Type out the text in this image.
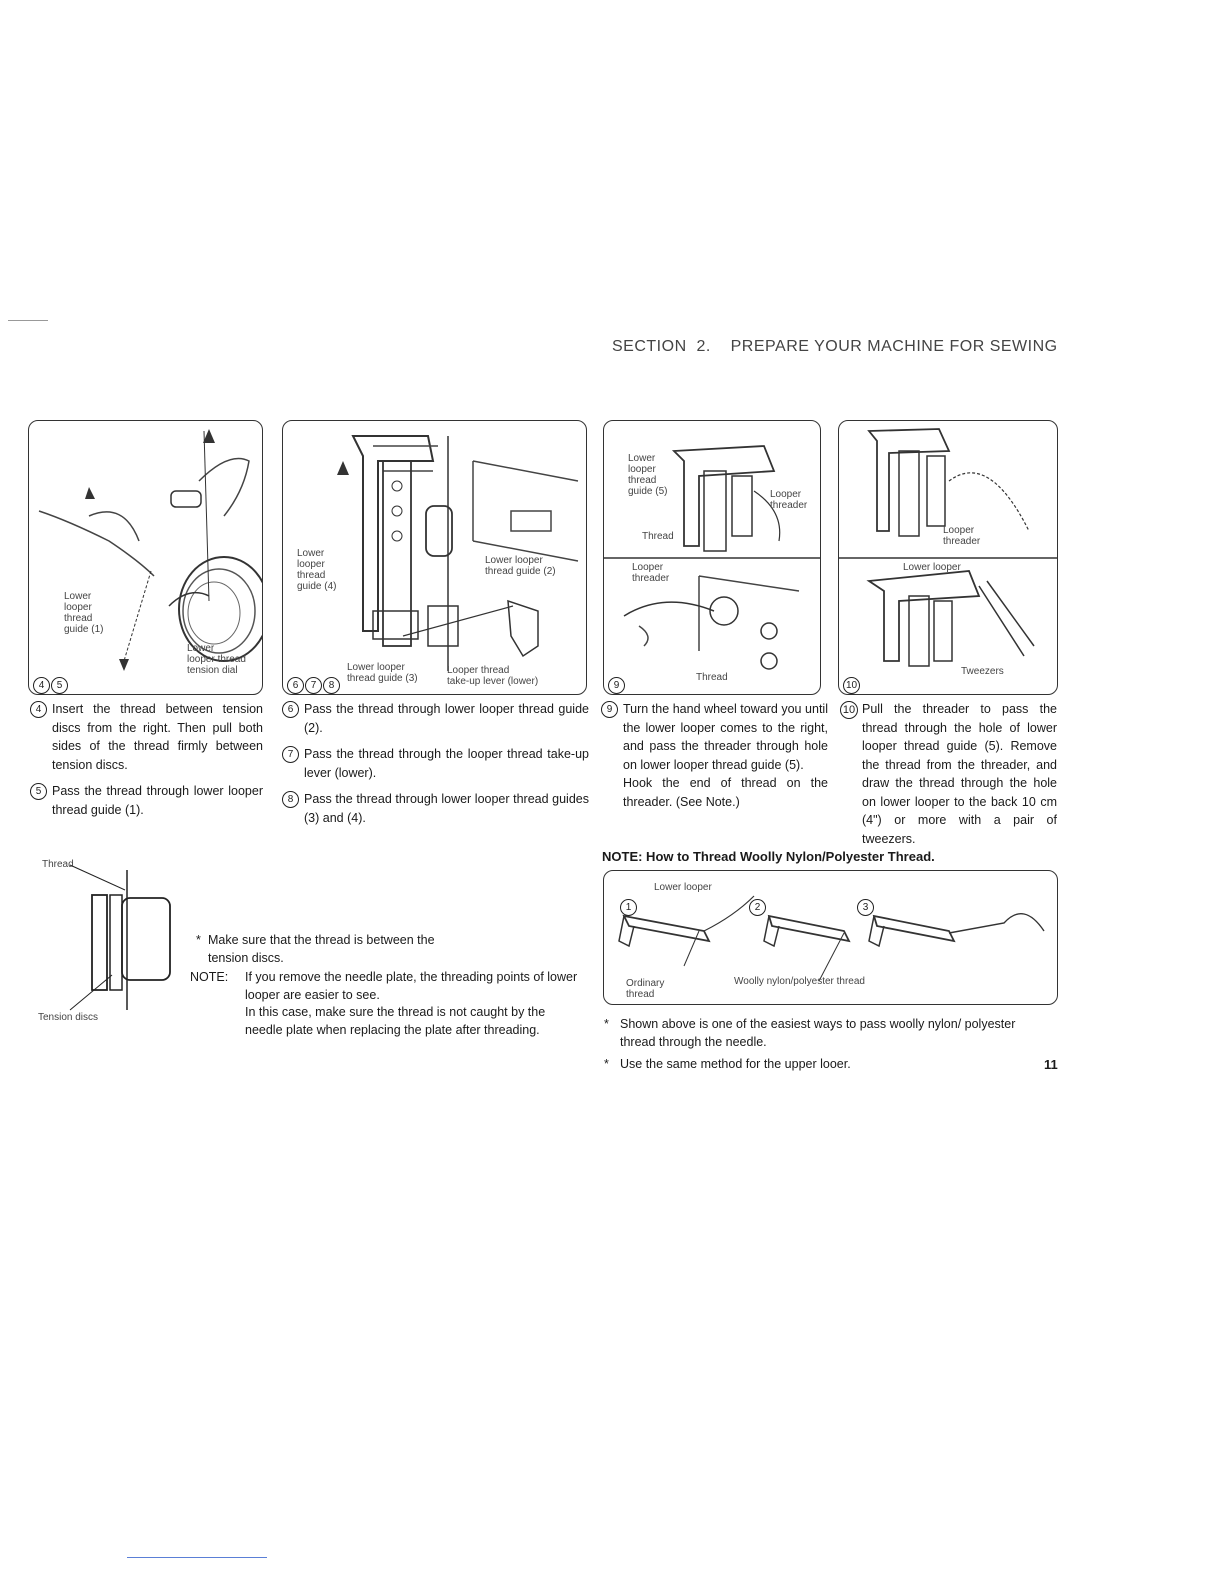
SECTION  2.    PREPARE YOUR MACHINE FOR SEWING
Lower
looper
thread
guide (1)
Lower
looper thread
tension dial
4 5
Lower
looper
thread
guide (4)
Lower looper
thread guide (2)
Lower looper
thread guide (3)
Looper thread
take-up lever (lower)
6 7 8
Lower
looper
thread
guide (5)	Looper
threader
Thread
Looper
threader
Thread
9
Looper
threader
Lower looper
Tweezers
10
4 Insert the thread between tension discs from the right. Then pull both sides of the thread firmly between tension discs.
5 Pass the thread through lower looper thread guide (1).
6 Pass the thread through lower looper thread guide (2).
7 Pass the thread through the looper thread take-up lever (lower).
8 Pass the thread through lower looper thread guides (3) and (4).
9 Turn the hand wheel toward you until the lower looper comes to the right, and pass the threader through hole on lower looper thread guide (5).
Hook the end of thread on the threader. (See Note.)
10 Pull the threader to pass the thread through the hole of lower looper thread guide (5). Remove the thread from the threader, and draw the thread through the hole on lower looper to the back 10 cm (4") or more with a pair of tweezers.
Thread
Tension discs
* Make sure that the thread is between the tension discs.
NOTE: If you remove the needle plate, the threading points of lower looper are easier to see.
In this case, make sure the thread is not caught by the needle plate when replacing the plate after threading.
NOTE: How to Thread Woolly Nylon/Polyester Thread.
Lower looper
Ordinary
thread
Woolly nylon/polyester thread
1	2	3
* Shown above is one of the easiest ways to pass woolly nylon/ polyester thread through the needle.
* Use the same method for the upper looer.	11
